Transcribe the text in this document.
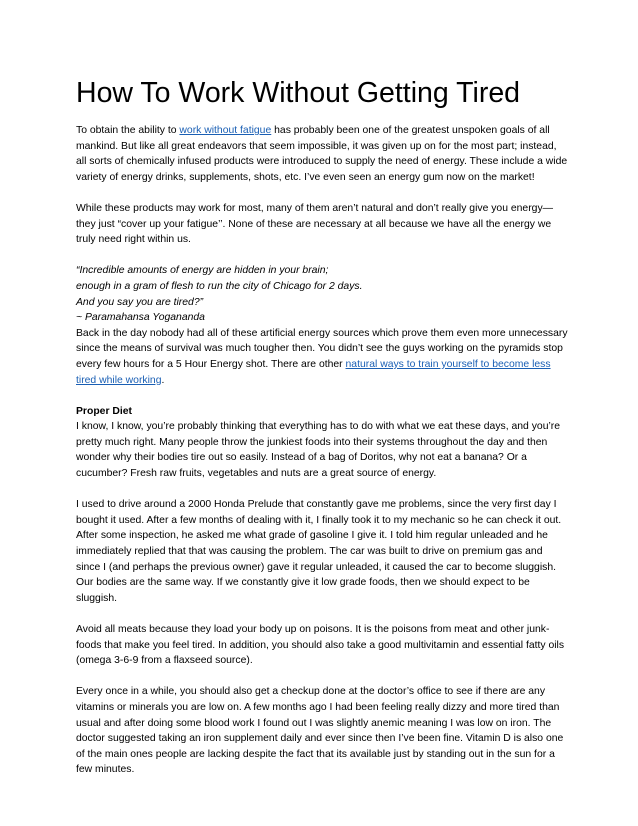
How To Work Without Getting Tired

To obtain the ability to work without fatigue has probably been one of the greatest unspoken goals of all mankind. But like all great endeavors that seem impossible, it was given up on for the most part; instead, all sorts of chemically infused products were introduced to supply the need of energy. These include a wide variety of energy drinks, supplements, shots, etc. I’ve even seen an energy gum now on the market!

While these products may work for most, many of them aren’t natural and don’t really give you energy—they just “cover up your fatigue’’. None of these are necessary at all because we have all the energy we truly need right within us.

“Incredible amounts of energy are hidden in your brain;

enough in a gram of flesh to run the city of Chicago for 2 days.

And you say you are tired?”

~ Paramahansa Yogananda

Back in the day nobody had all of these artificial energy sources which prove them even more unnecessary since the means of survival was much tougher then. You didn’t see the guys working on the pyramids stop every few hours for a 5 Hour Energy shot. There are other natural ways to train yourself to become less tired while working.

Proper Diet

I know, I know, you’re probably thinking that everything has to do with what we eat these days, and you’re pretty much right. Many people throw the junkiest foods into their systems throughout the day and then wonder why their bodies tire out so easily. Instead of a bag of Doritos, why not eat a banana? Or a cucumber? Fresh raw fruits, vegetables and nuts are a great source of energy.

I used to drive around a 2000 Honda Prelude that constantly gave me problems, since the very first day I bought it used. After a few months of dealing with it, I finally took it to my mechanic so he can check it out. After some inspection, he asked me what grade of gasoline I give it. I told him regular unleaded and he immediately replied that that was causing the problem. The car was built to drive on premium gas and since I (and perhaps the previous owner) gave it regular unleaded, it caused the car to become sluggish. Our bodies are the same way. If we constantly give it low grade foods, then we should expect to be sluggish.

Avoid all meats because they load your body up on poisons. It is the poisons from meat and other junk-foods that make you feel tired. In addition, you should also take a good multivitamin and essential fatty oils (omega 3-6-9 from a flaxseed source).

Every once in a while, you should also get a checkup done at the doctor’s office to see if there are any vitamins or minerals you are low on. A few months ago I had been feeling really dizzy and more tired than usual and after doing some blood work I found out I was slightly anemic meaning I was low on iron. The doctor suggested taking an iron supplement daily and ever since then I’ve been fine. Vitamin D is also one of the main ones people are lacking despite the fact that its available just by standing out in the sun for a few minutes.
